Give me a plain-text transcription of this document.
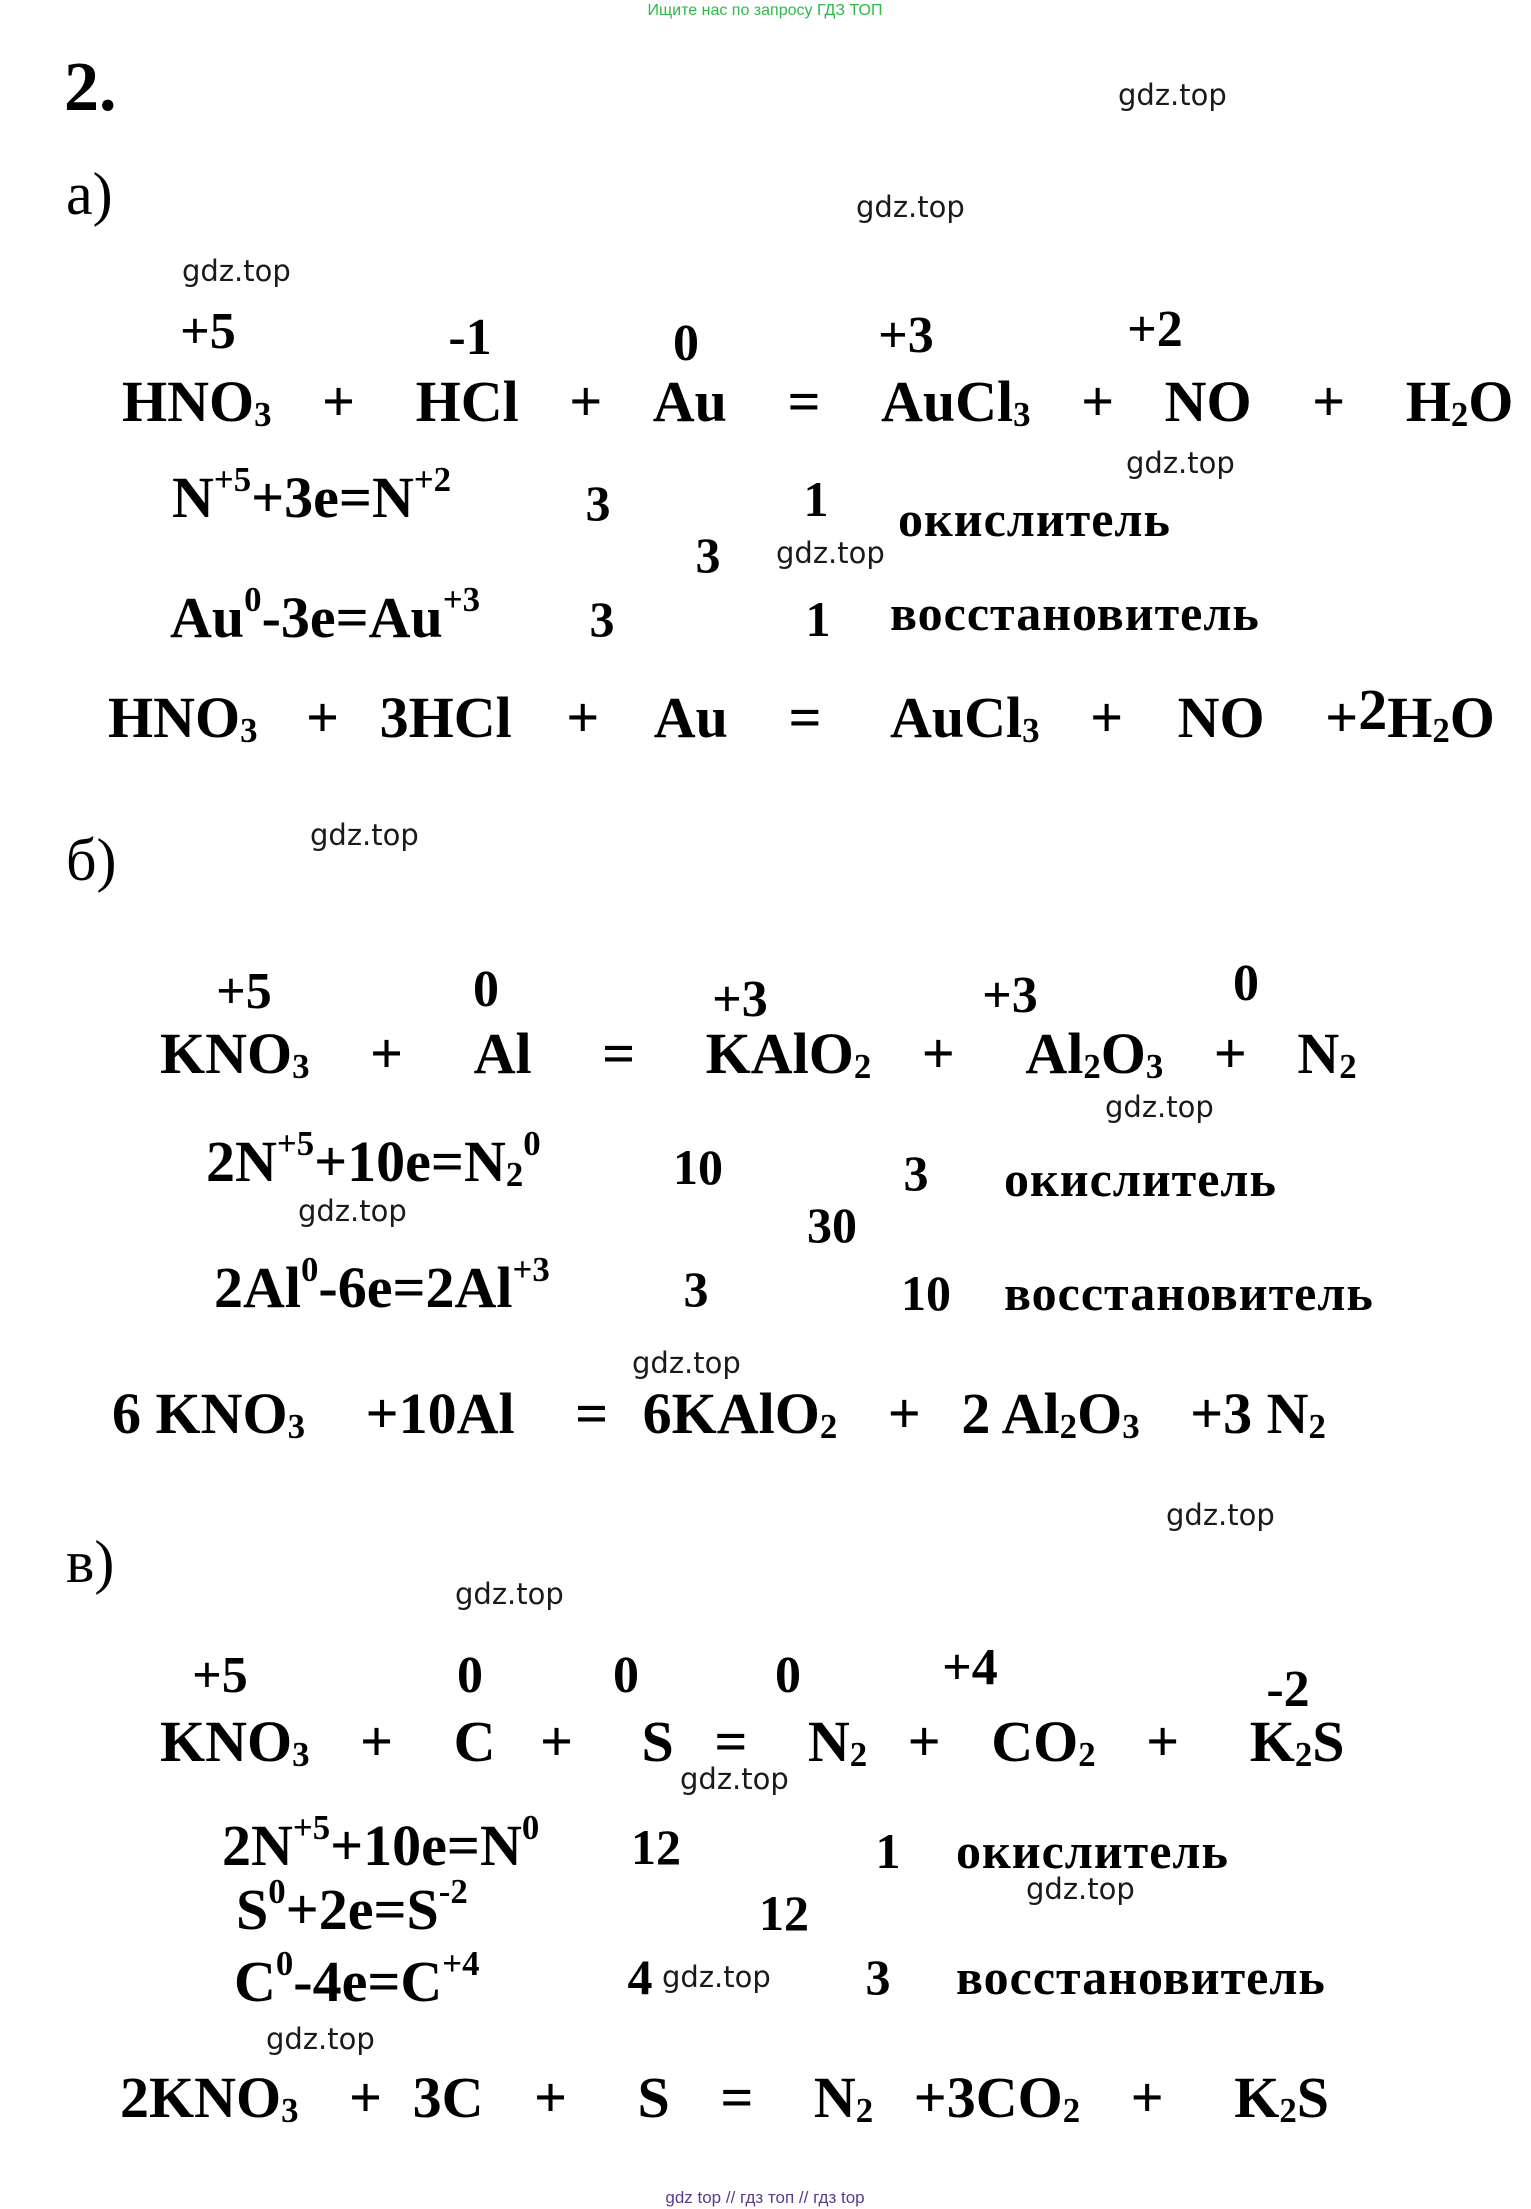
Ищите нас по запросу ГДЗ ТОП
2.	gdz.top
gdz.top
gdz.top
gdz.top
gdz.top
gdz.top
gdz.top
gdz.top
gdz.top
gdz.top
gdz.top
gdz.top
gdz.top
gdz.top
gdz.top
а)
+5	-1	0	+3	+2
$HNO_3$ + HCl + Au = AuCl$_3$ + NO + $H_2O$
$N^{+5}+3e=N^{+2}$	3	1 окислитель
3
$Au^0-3e=Au^{+3}$ 3	1 восстановитель
$HNO_3 + 3HCl + Au$ = AuCl$_3$ + NO $+2H_2O$
б)
+5	0	+3	+3	0
$KNO_3 + Al$ = KAlO$_2$ + $Al_2O_3 + N_2$
$2N^{+5}+10e=N_2^0$	10	3 окислитель
30
$2Al^0-6e=2Al^{+3}$	3	10 восстановитель
6 $KNO_3 +10Al$ = 6KAlO$_2$ + 2 $Al_2O_3 +3$ $N_2$
в)
+5	0	0	0	+4	-2
$KNO_3 + C + S = N_2 + CO_2 + K_2S$
$2N^{+5}+10e=N^0$ 12	1 окислитель
$S^0+2e=S^{-2}$	12
$C^0-4e=C^{+4}$	4	3 восстановитель
$2KNO_3 + 3C + S = N_2 +3CO_2 + K_2S$
gdz top // гдз топ // гдз top
